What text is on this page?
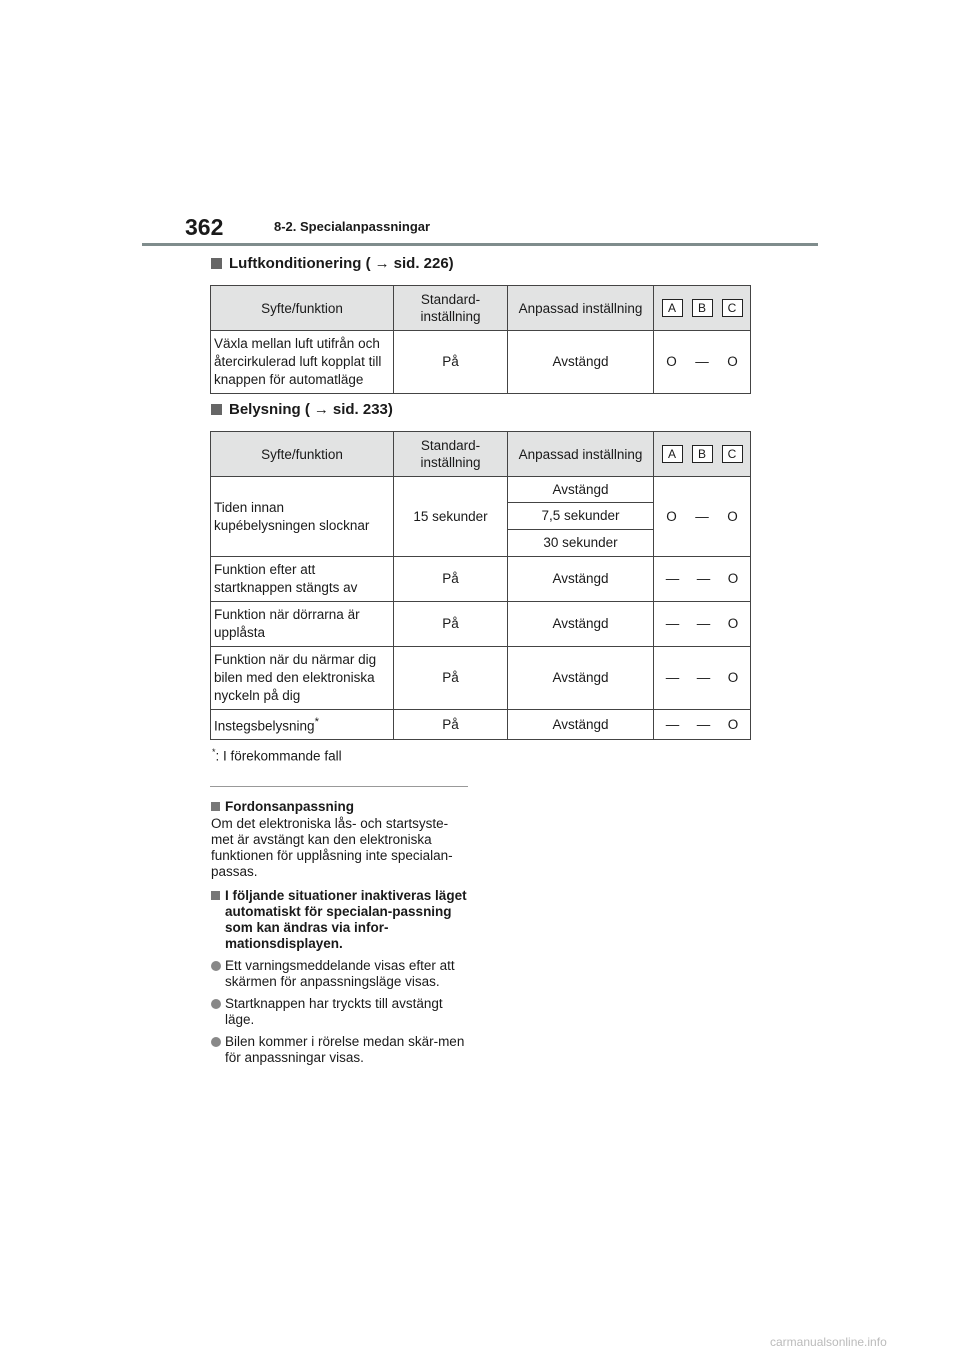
362	8-2. Specialanpassningar
Luftkonditionering ( → sid. 226)
Syfte/funktion	Standard-
inställning	Anpassad inställning	A B C

Växla mellan luft utifrån och
återcirkulerad luft kopplat till
knappen för automatläge	På	Avstängd	O — O
Belysning ( → sid. 233)
Syfte/funktion	Standard-
inställning	Anpassad inställning	A B C

Tiden innan
kupébelysningen slocknar	15 sekunder	Avstängd	O — O

		7,5 sekunder	
		30 sekunder	
Funktion efter att
startknappen stängts av	På	Avstängd	— — O

Funktion när dörrarna är
upplåsta	På	Avstängd	— — O

Funktion när du närmar dig
bilen med den elektroniska
nyckeln på dig	På	Avstängd	— — O

Instegsbelysning*	På	Avstängd	— — O
*: I förekommande fall
Fordonsanpassning
Om det elektroniska lås- och startsyste-met är avstängt kan den elektroniska funktionen för upplåsning inte specialan-passas.
I följande situationer inaktiveras läget automatiskt för specialan-passning som kan ändras via infor-mationsdisplayen.
Ett varningsmeddelande visas efter att skärmen för anpassningsläge visas.
Startknappen har tryckts till avstängt läge.
Bilen kommer i rörelse medan skär-men för anpassningar visas.
carmanualsonline.info
